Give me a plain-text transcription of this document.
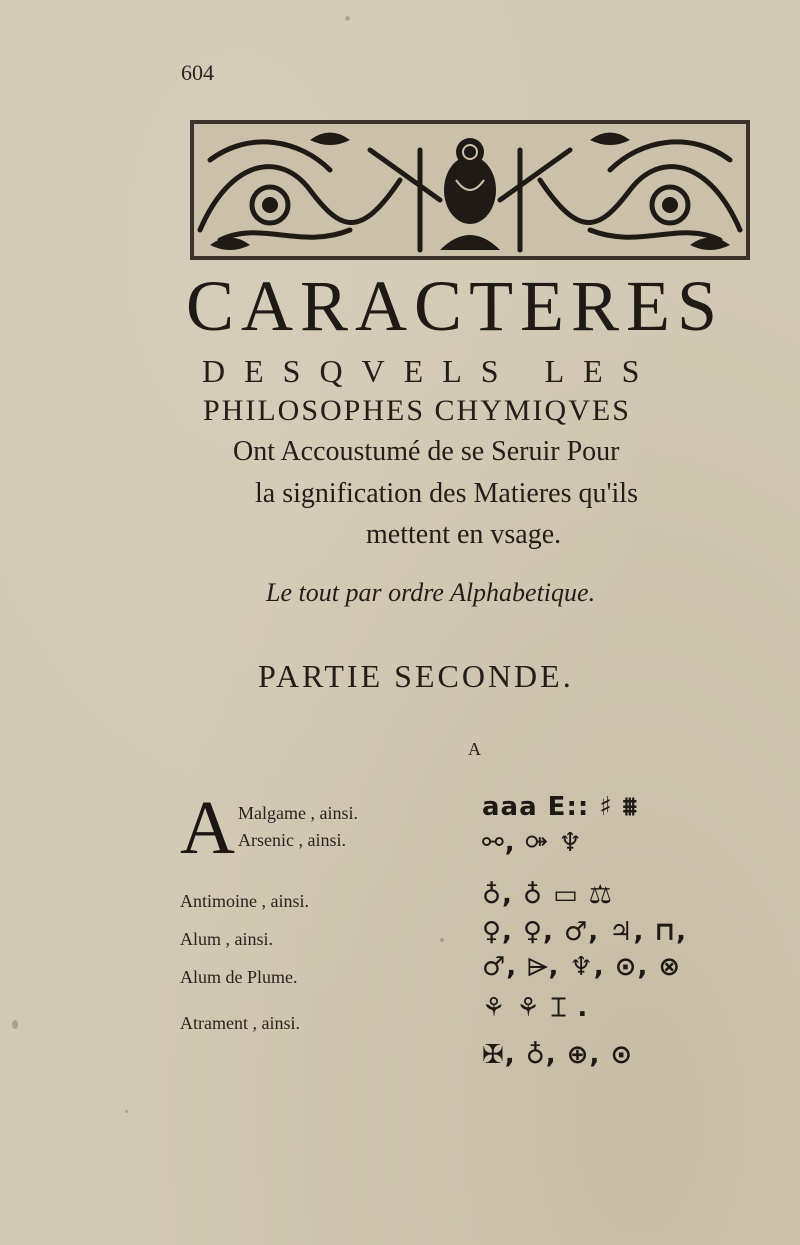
604
CARACTERES
DESQVELS LES
PHILOSOPHES CHYMIQVES
Ont Accoustumé de se Seruir Pour
la signification des Matieres qu'ils
mettent en vsage.
Le tout par ordre Alphabetique.
PARTIE SECONDE.
A
A Malgame , ainsi.
Arsenic , ainsi.
Antimoine , ainsi.
Alum , ainsi.
Alum de Plume.
Atrament , ainsi.
aaa E:: ♯ ⩩
⚯, ⚩ ♆
♁, ♁ ▭ ⚖
♀, ♀, ♂, ♃, ⊓,
♂, ⌲, ♆, ⊙, ⊗
⚘ ⚘ ⌶ .
✠, ♁, ⊕, ⊙
